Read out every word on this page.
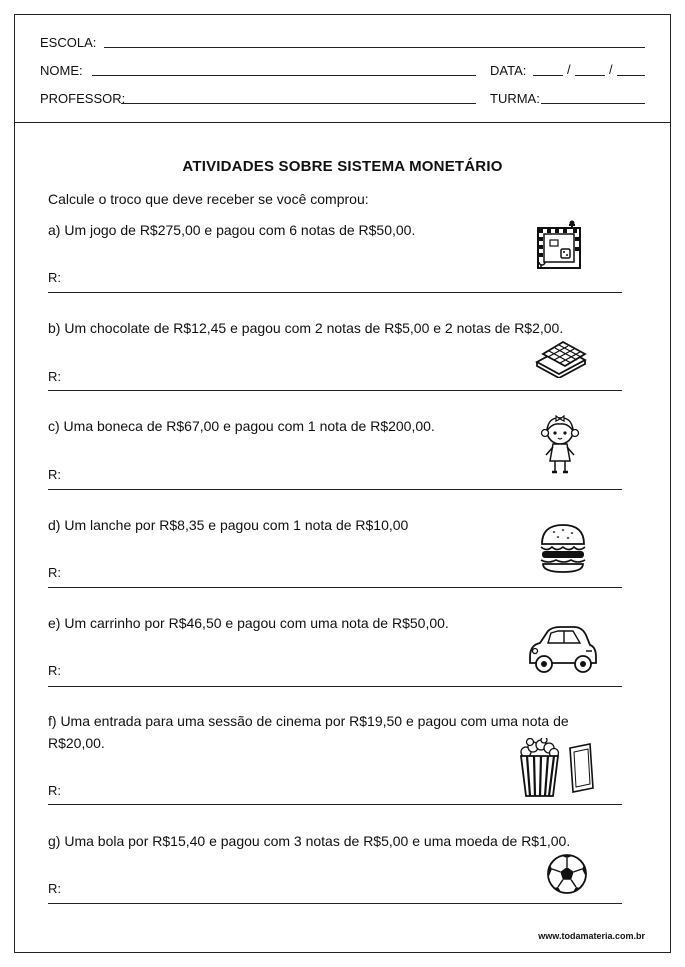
ESCOLA:
NOME:	DATA:	/	/
PROFESSOR:	TURMA:
ATIVIDADES SOBRE SISTEMA MONETÁRIO
Calcule o troco que deve receber se você comprou:
a) Um jogo de R$275,00 e pagou com 6 notas de R$50,00.
R:
b) Um chocolate de R$12,45 e pagou com 2 notas de R$5,00 e 2 notas de R$2,00.
R:
c) Uma boneca de R$67,00 e pagou com 1 nota de R$200,00.
R:
d) Um lanche por R$8,35 e pagou com 1 nota de R$10,00
R:
e) Um carrinho por R$46,50 e pagou com uma nota de R$50,00.
R:
f) Uma entrada para uma sessão de cinema por R$19,50 e pagou com uma nota de R$20,00.
R:
g) Uma bola por R$15,40 e pagou com 3 notas de R$5,00 e uma moeda de R$1,00.
R:
www.todamateria.com.br
